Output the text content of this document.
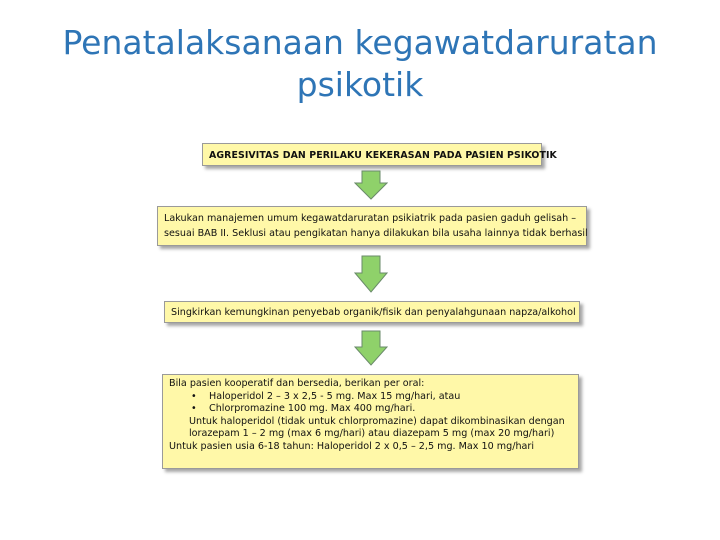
Penatalaksanaan kegawatdaruratan
psikotik
AGRESIVITAS DAN PERILAKU KEKERASAN PADA PASIEN PSIKOTIK
Lakukan manajemen umum kegawatdaruratan psikiatrik pada pasien gaduh gelisah –
sesuai BAB II. Seklusi atau pengikatan hanya dilakukan bila usaha lainnya tidak berhasil
Singkirkan kemungkinan penyebab organik/fisik dan penyalahgunaan napza/alkohol
Bila pasien kooperatif dan bersedia, berikan per oral:
• Haloperidol 2 – 3 x 2,5 - 5 mg. Max 15 mg/hari, atau
• Chlorpromazine 100 mg. Max 400 mg/hari.
Untuk haloperidol (tidak untuk chlorpromazine) dapat dikombinasikan dengan
lorazepam 1 – 2 mg (max 6 mg/hari) atau diazepam 5 mg (max 20 mg/hari)
Untuk pasien usia 6-18 tahun: Haloperidol 2 x 0,5 – 2,5 mg. Max 10 mg/hari
